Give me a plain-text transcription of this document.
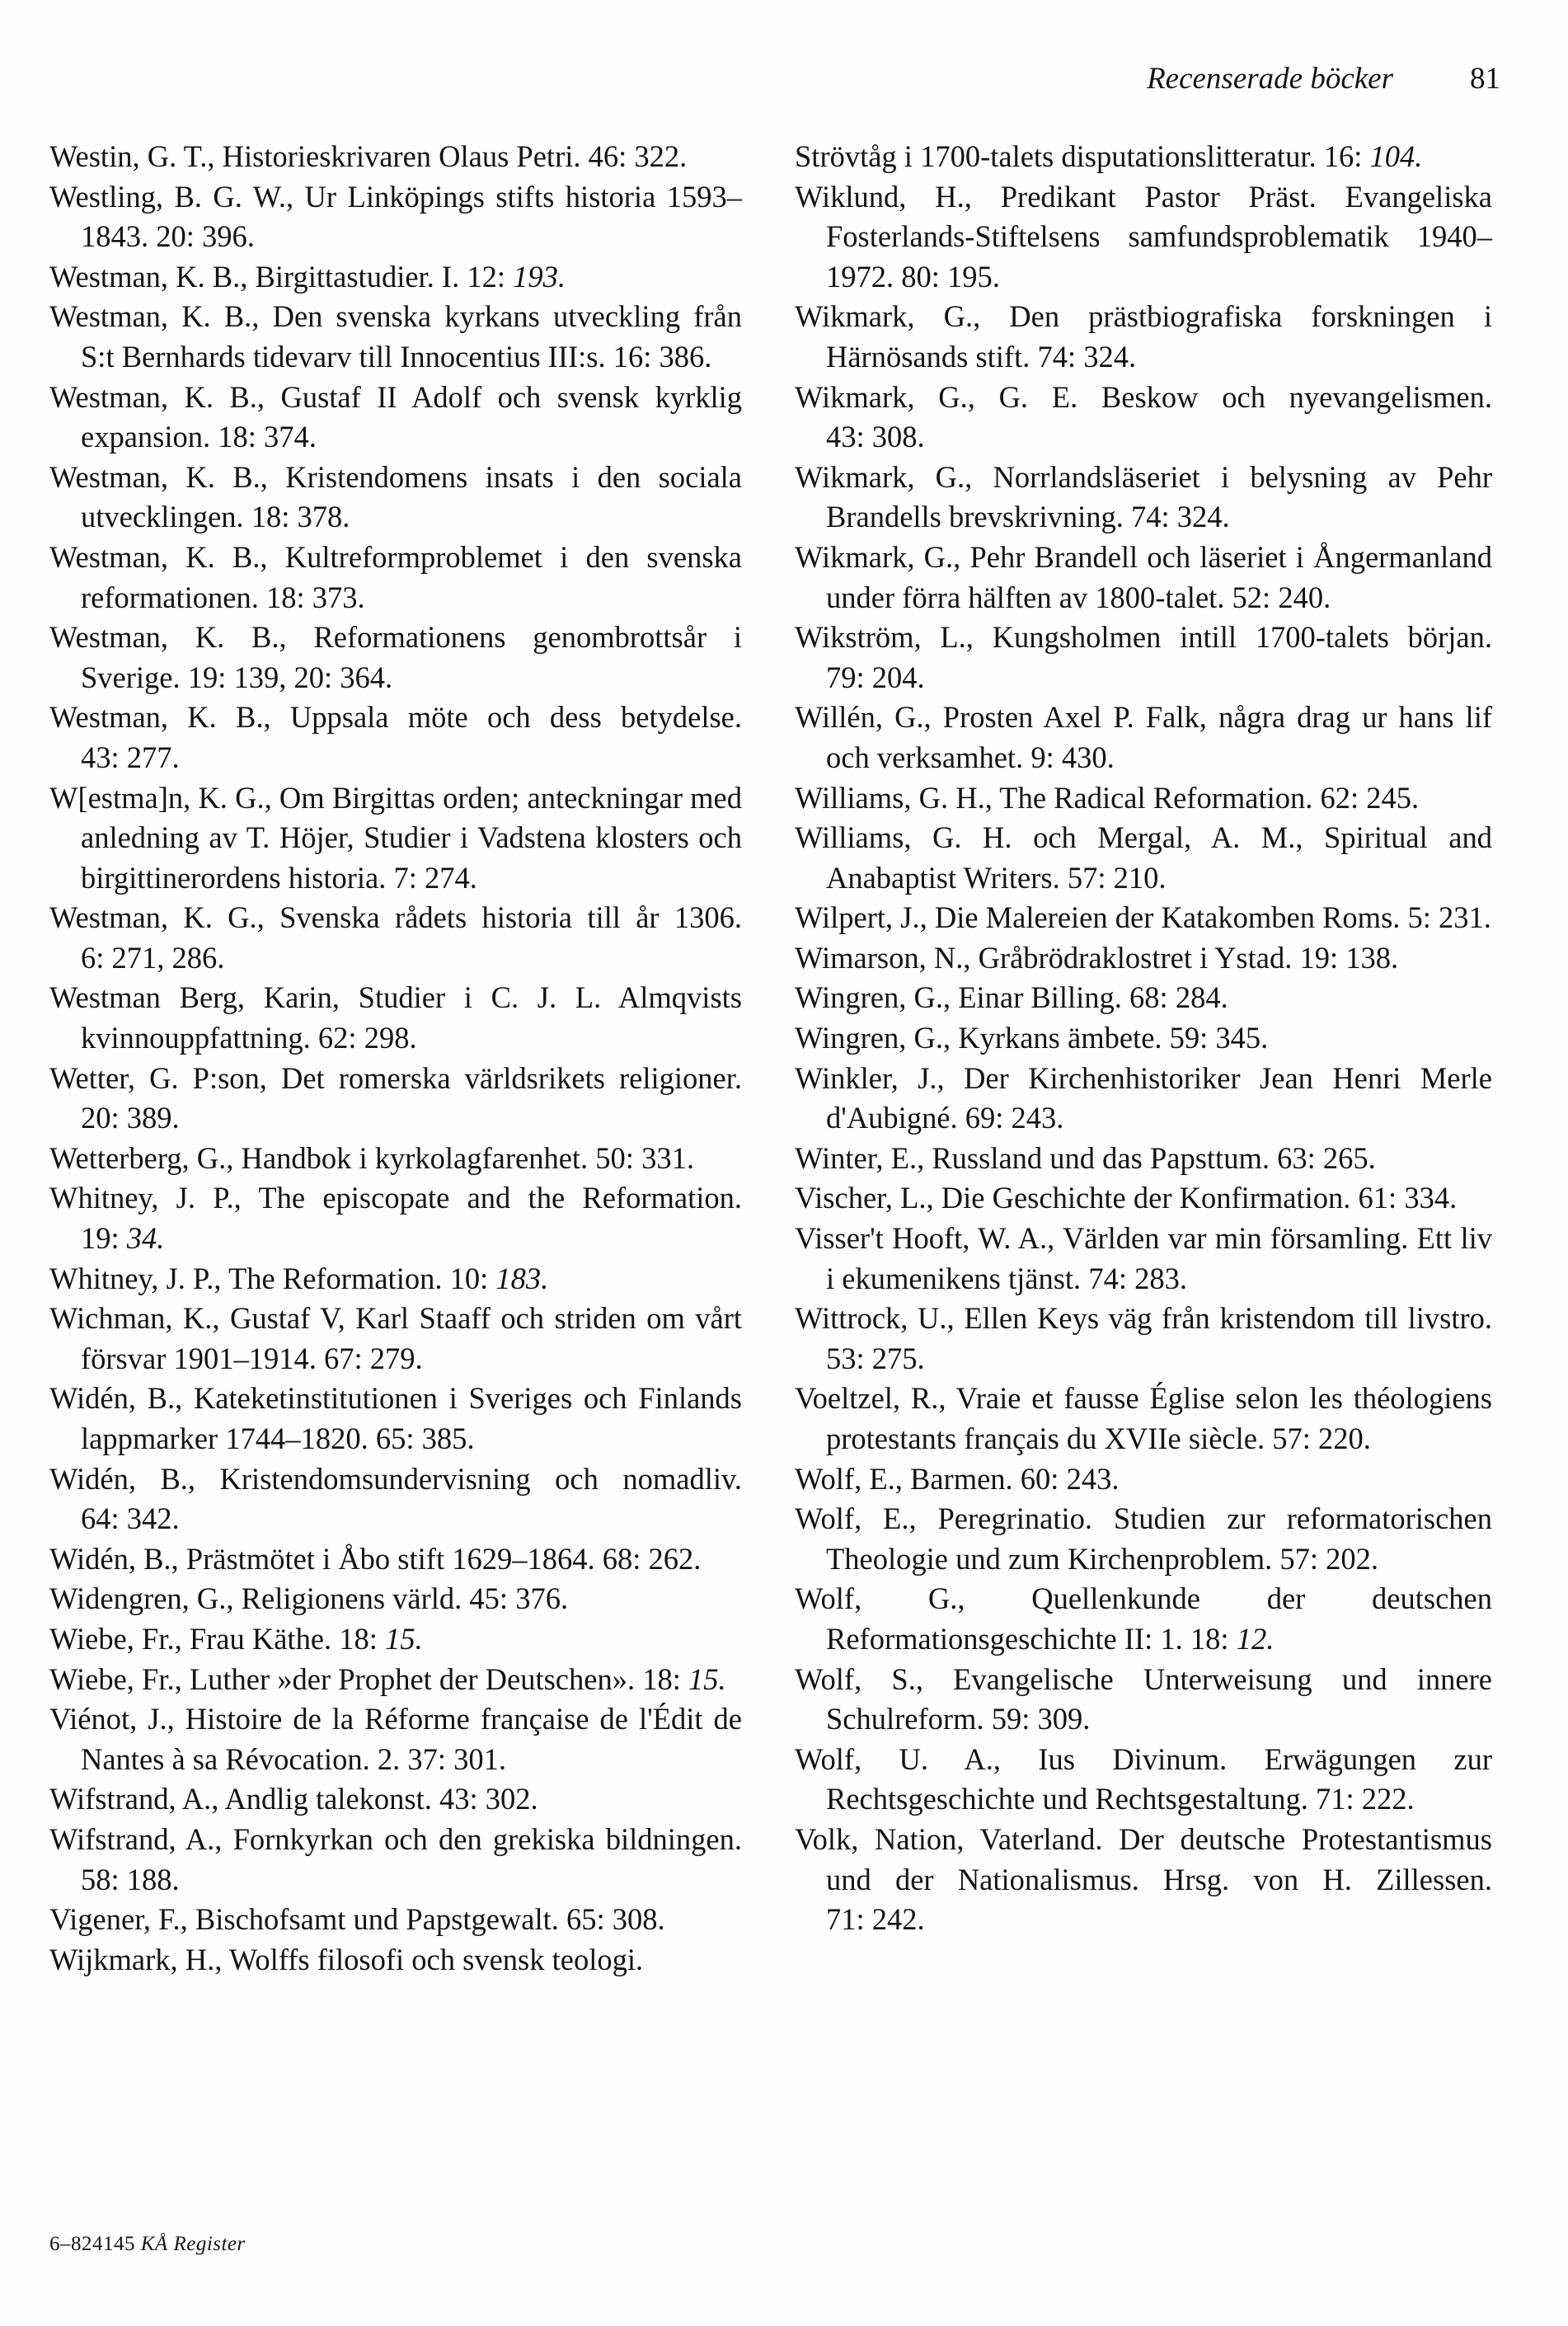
Recenserade böcker	81

Westin, G. T., Historieskrivaren Olaus Petri. 46: 322.

Westling, B. G. W., Ur Linköpings stifts historia 1593–1843. 20: 396.

Westman, K. B., Birgittastudier. I. 12: 193.

Westman, K. B., Den svenska kyrkans utveckling från S:t Bernhards tidevarv till Innocentius III:s. 16: 386.

Westman, K. B., Gustaf II Adolf och svensk kyrklig expansion. 18: 374.

Westman, K. B., Kristendomens insats i den sociala utvecklingen. 18: 378.

Westman, K. B., Kultreformproblemet i den svenska reformationen. 18: 373.

Westman, K. B., Reformationens genombrottsår i Sverige. 19: 139, 20: 364.

Westman, K. B., Uppsala möte och dess betydelse. 43: 277.

W[estma]n, K. G., Om Birgittas orden; anteckningar med anledning av T. Höjer, Studier i Vadstena klosters och birgittinerordens historia. 7: 274.

Westman, K. G., Svenska rådets historia till år 1306. 6: 271, 286.

Westman Berg, Karin, Studier i C. J. L. Almqvists kvinnouppfattning. 62: 298.

Wetter, G. P:son, Det romerska världsrikets religioner. 20: 389.

Wetterberg, G., Handbok i kyrkolagfarenhet. 50: 331.

Whitney, J. P., The episcopate and the Reformation. 19: 34.

Whitney, J. P., The Reformation. 10: 183.

Wichman, K., Gustaf V, Karl Staaff och striden om vårt försvar 1901–1914. 67: 279.

Widén, B., Kateketinstitutionen i Sveriges och Finlands lappmarker 1744–1820. 65: 385.

Widén, B., Kristendomsundervisning och nomadliv. 64: 342.

Widén, B., Prästmötet i Åbo stift 1629–1864. 68: 262.

Widengren, G., Religionens värld. 45: 376.

Wiebe, Fr., Frau Käthe. 18: 15.

Wiebe, Fr., Luther »der Prophet der Deutschen». 18: 15.

Viénot, J., Histoire de la Réforme française de l'Édit de Nantes à sa Révocation. 2. 37: 301.

Wifstrand, A., Andlig talekonst. 43: 302.

Wifstrand, A., Fornkyrkan och den grekiska bildningen. 58: 188.

Vigener, F., Bischofsamt und Papstgewalt. 65: 308.

Wijkmark, H., Wolffs filosofi och svensk teologi.

Strövtåg i 1700-talets disputationslitteratur. 16: 104.

Wiklund, H., Predikant Pastor Präst. Evangeliska Fosterlands-Stiftelsens samfundsproblematik 1940–1972. 80: 195.

Wikmark, G., Den prästbiografiska forskningen i Härnösands stift. 74: 324.

Wikmark, G., G. E. Beskow och nyevangelismen. 43: 308.

Wikmark, G., Norrlandsläseriet i belysning av Pehr Brandells brevskrivning. 74: 324.

Wikmark, G., Pehr Brandell och läseriet i Ångermanland under förra hälften av 1800-talet. 52: 240.

Wikström, L., Kungsholmen intill 1700-talets början. 79: 204.

Willén, G., Prosten Axel P. Falk, några drag ur hans lif och verksamhet. 9: 430.

Williams, G. H., The Radical Reformation. 62: 245.

Williams, G. H. och Mergal, A. M., Spiritual and Anabaptist Writers. 57: 210.

Wilpert, J., Die Malereien der Katakomben Roms. 5: 231.

Wimarson, N., Gråbrödraklostret i Ystad. 19: 138.

Wingren, G., Einar Billing. 68: 284.

Wingren, G., Kyrkans ämbete. 59: 345.

Winkler, J., Der Kirchenhistoriker Jean Henri Merle d'Aubigné. 69: 243.

Winter, E., Russland und das Papsttum. 63: 265.

Vischer, L., Die Geschichte der Konfirmation. 61: 334.

Visser't Hooft, W. A., Världen var min församling. Ett liv i ekumenikens tjänst. 74: 283.

Wittrock, U., Ellen Keys väg från kristendom till livstro. 53: 275.

Voeltzel, R., Vraie et fausse Église selon les théologiens protestants français du XVIIe siècle. 57: 220.

Wolf, E., Barmen. 60: 243.

Wolf, E., Peregrinatio. Studien zur reformatorischen Theologie und zum Kirchenproblem. 57: 202.

Wolf, G., Quellenkunde der deutschen Reformationsgeschichte II: 1. 18: 12.

Wolf, S., Evangelische Unterweisung und innere Schulreform. 59: 309.

Wolf, U. A., Ius Divinum. Erwägungen zur Rechtsgeschichte und Rechtsgestaltung. 71: 222.

Volk, Nation, Vaterland. Der deutsche Protestantismus und der Nationalismus. Hrsg. von H. Zillessen. 71: 242.

6–824145 KÅ Register
